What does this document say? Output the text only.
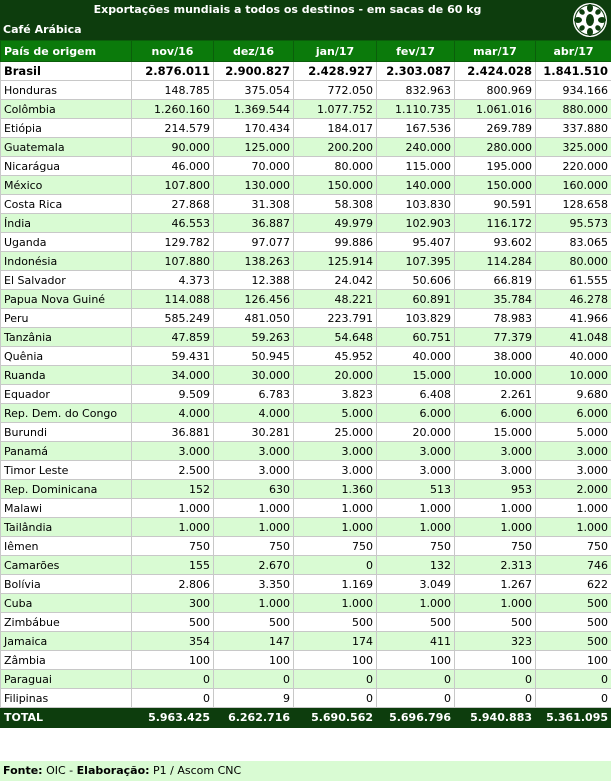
Exportações mundiais a todos os destinos - em sacas de 60 kg
Café Arábica
País de origem	nov/16	dez/16	jan/17	fev/17	mar/17	abr/17
Brasil	2.876.011	2.900.827	2.428.927	2.303.087	2.424.028	1.841.510
Honduras	148.785	375.054	772.050	832.963	800.969	934.166
Colômbia	1.260.160	1.369.544	1.077.752	1.110.735	1.061.016	880.000
Etiópia	214.579	170.434	184.017	167.536	269.789	337.880
Guatemala	90.000	125.000	200.200	240.000	280.000	325.000
Nicarágua	46.000	70.000	80.000	115.000	195.000	220.000
México	107.800	130.000	150.000	140.000	150.000	160.000
Costa Rica	27.868	31.308	58.308	103.830	90.591	128.658
Índia	46.553	36.887	49.979	102.903	116.172	95.573
Uganda	129.782	97.077	99.886	95.407	93.602	83.065
Indonésia	107.880	138.263	125.914	107.395	114.284	80.000
El Salvador	4.373	12.388	24.042	50.606	66.819	61.555
Papua Nova Guiné	114.088	126.456	48.221	60.891	35.784	46.278
Peru	585.249	481.050	223.791	103.829	78.983	41.966
Tanzânia	47.859	59.263	54.648	60.751	77.379	41.048
Quênia	59.431	50.945	45.952	40.000	38.000	40.000
Ruanda	34.000	30.000	20.000	15.000	10.000	10.000
Equador	9.509	6.783	3.823	6.408	2.261	9.680
Rep. Dem. do Congo	4.000	4.000	5.000	6.000	6.000	6.000
Burundi	36.881	30.281	25.000	20.000	15.000	5.000
Panamá	3.000	3.000	3.000	3.000	3.000	3.000
Timor Leste	2.500	3.000	3.000	3.000	3.000	3.000
Rep. Dominicana	152	630	1.360	513	953	2.000
Malawi	1.000	1.000	1.000	1.000	1.000	1.000
Tailândia	1.000	1.000	1.000	1.000	1.000	1.000
Iêmen	750	750	750	750	750	750
Camarões	155	2.670	0	132	2.313	746
Bolívia	2.806	3.350	1.169	3.049	1.267	622
Cuba	300	1.000	1.000	1.000	1.000	500
Zimbábue	500	500	500	500	500	500
Jamaica	354	147	174	411	323	500
Zâmbia	100	100	100	100	100	100
Paraguai	0	0	0	0	0	0
Filipinas	0	9	0	0	0	0
TOTAL	5.963.425	6.262.716	5.690.562	5.696.796	5.940.883	5.361.095
Fonte: OIC - Elaboração: P1 / Ascom CNC
